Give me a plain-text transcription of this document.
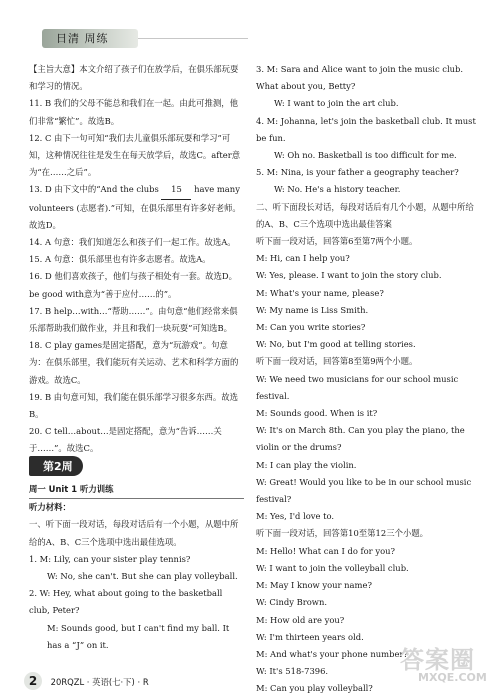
日清 周练

【主旨大意】本文介绍了孩子们在放学后，在俱乐部玩耍和学习的情况。

11. B 我们的父母不能总和我们在一起。由此可推测，他们非常“繁忙”。故选B。

12. C 由下一句可知“我们去儿童俱乐部玩耍和学习”可知，这种情况往往是发生在每天放学后，故选C。after意为“在……之后”。

13. D 由下文中的“And the clubs 15 have many volunteers (志愿者).”可知，在俱乐部里有许多好老师。故选D。

14. A 句意：我们知道怎么和孩子们一起工作。故选A。

15. A 句意：俱乐部里也有许多志愿者。故选A。

16. D 他们喜欢孩子，他们与孩子相处有一套。故选D。be good with意为“善于应付……的”。

17. B help…with…“帮助……”。由句意“他们经常来俱乐部帮助我们做作业，并且和我们一块玩耍”可知选B。

18. C play games是固定搭配，意为“玩游戏”。句意为：在俱乐部里，我们能玩有关运动、艺术和科学方面的游戏。故选C。

19. B 由句意可知，我们能在俱乐部学习很多东西。故选B。

20. C tell…about…是固定搭配，意为“告诉……关于……”。故选C。

第2周

周一 Unit 1 听力训练

听力材料：

一、听下面一段对话，每段对话后有一个小题，从题中所给的A、B、C三个选项中选出最佳选项。

1. M: Lily, can your sister play tennis?

W: No, she can't. But she can play volleyball.

2. W: Hey, what about going to the basketball club, Peter?

M: Sounds good, but I can't find my ball. It has a “J” on it.

3. M: Sara and Alice want to join the music club. What about you, Betty?

W: I want to join the art club.

4. M: Johanna, let's join the basketball club. It must be fun.

W: Oh no. Basketball is too difficult for me.

5. M: Nina, is your father a geography teacher?

W: No. He's a history teacher.

二、听下面段长对话，每段对话后有几个小题，从题中所给的A、B、C三个选项中选出最佳答案

听下面一段对话，回答第6至第7两个小题。

M: Hi, can I help you?

W: Yes, please. I want to join the story club.

M: What's your name, please?

W: My name is Liss Smith.

M: Can you write stories?

W: No, but I'm good at telling stories.

听下面一段对话，回答第8至第9两个小题。

W: We need two musicians for our school music festival.

M: Sounds good. When is it?

W: It's on March 8th. Can you play the piano, the violin or the drums?

M: I can play the violin.

W: Great! Would you like to be in our school music festival?

M: Yes, I'd love to.

听下面一段对话，回答第10至第12三个小题。

M: Hello! What can I do for you?

W: I want to join the volleyball club.

M: May I know your name?

W: Cindy Brown.

M: How old are you?

W: I'm thirteen years old.

M: And what's your phone number?

W: It's 518-7396.

M: Can you play volleyball?

2 20RQZL · 英语(七·下) · R
答案圈
MXQE.COM
